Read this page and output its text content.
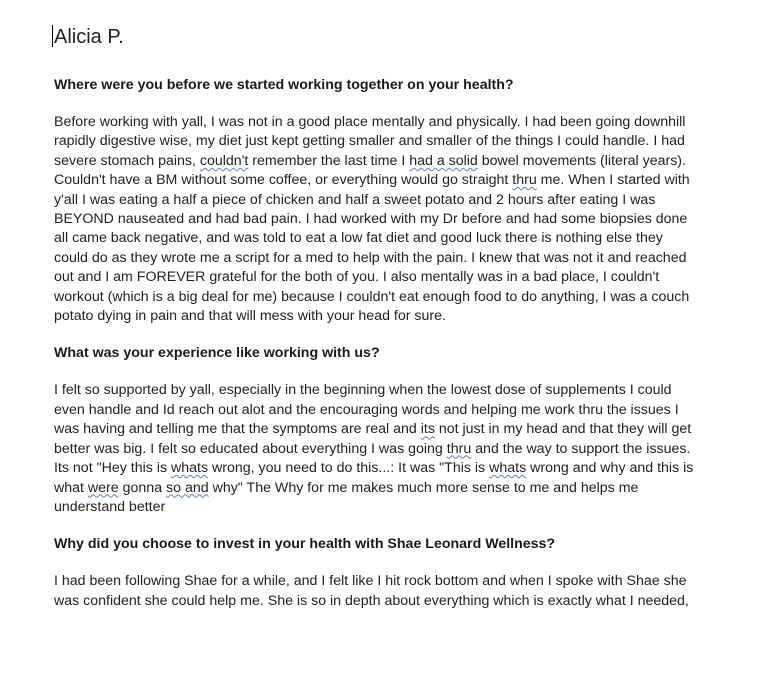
Alicia P.
Where were you before we started working together on your health?
Before working with yall, I was not in a good place mentally and physically. I had been going downhill rapidly digestive wise, my diet just kept getting smaller and smaller of the things I could handle. I had severe stomach pains, couldn't remember the last time I had a solid bowel movements (literal years). Couldn't have a BM without some coffee, or everything would go straight thru me. When I started with y'all I was eating a half a piece of chicken and half a sweet potato and 2 hours after eating I was BEYOND nauseated and had bad pain. I had worked with my Dr before and had some biopsies done all came back negative, and was told to eat a low fat diet and good luck there is nothing else they could do as they wrote me a script for a med to help with the pain. I knew that was not it and reached out and I am FOREVER grateful for the both of you. I also mentally was in a bad place, I couldn't workout (which is a big deal for me) because I couldn't eat enough food to do anything, I was a couch potato dying in pain and that will mess with your head for sure.
What was your experience like working with us?
I felt so supported by yall, especially in the beginning when the lowest dose of supplements I could even handle and Id reach out alot and the encouraging words and helping me work thru the issues I was having and telling me that the symptoms are real and its not just in my head and that they will get better was big. I felt so educated about everything I was going thru and the way to support the issues. Its not "Hey this is whats wrong, you need to do this...: It was "This is whats wrong and why and this is what were gonna so and why" The Why for me makes much more sense to me and helps me understand better
Why did you choose to invest in your health with Shae Leonard Wellness?
I had been following Shae for a while, and I felt like I hit rock bottom and when I spoke with Shae she was confident she could help me. She is so in depth about everything which is exactly what I needed,
